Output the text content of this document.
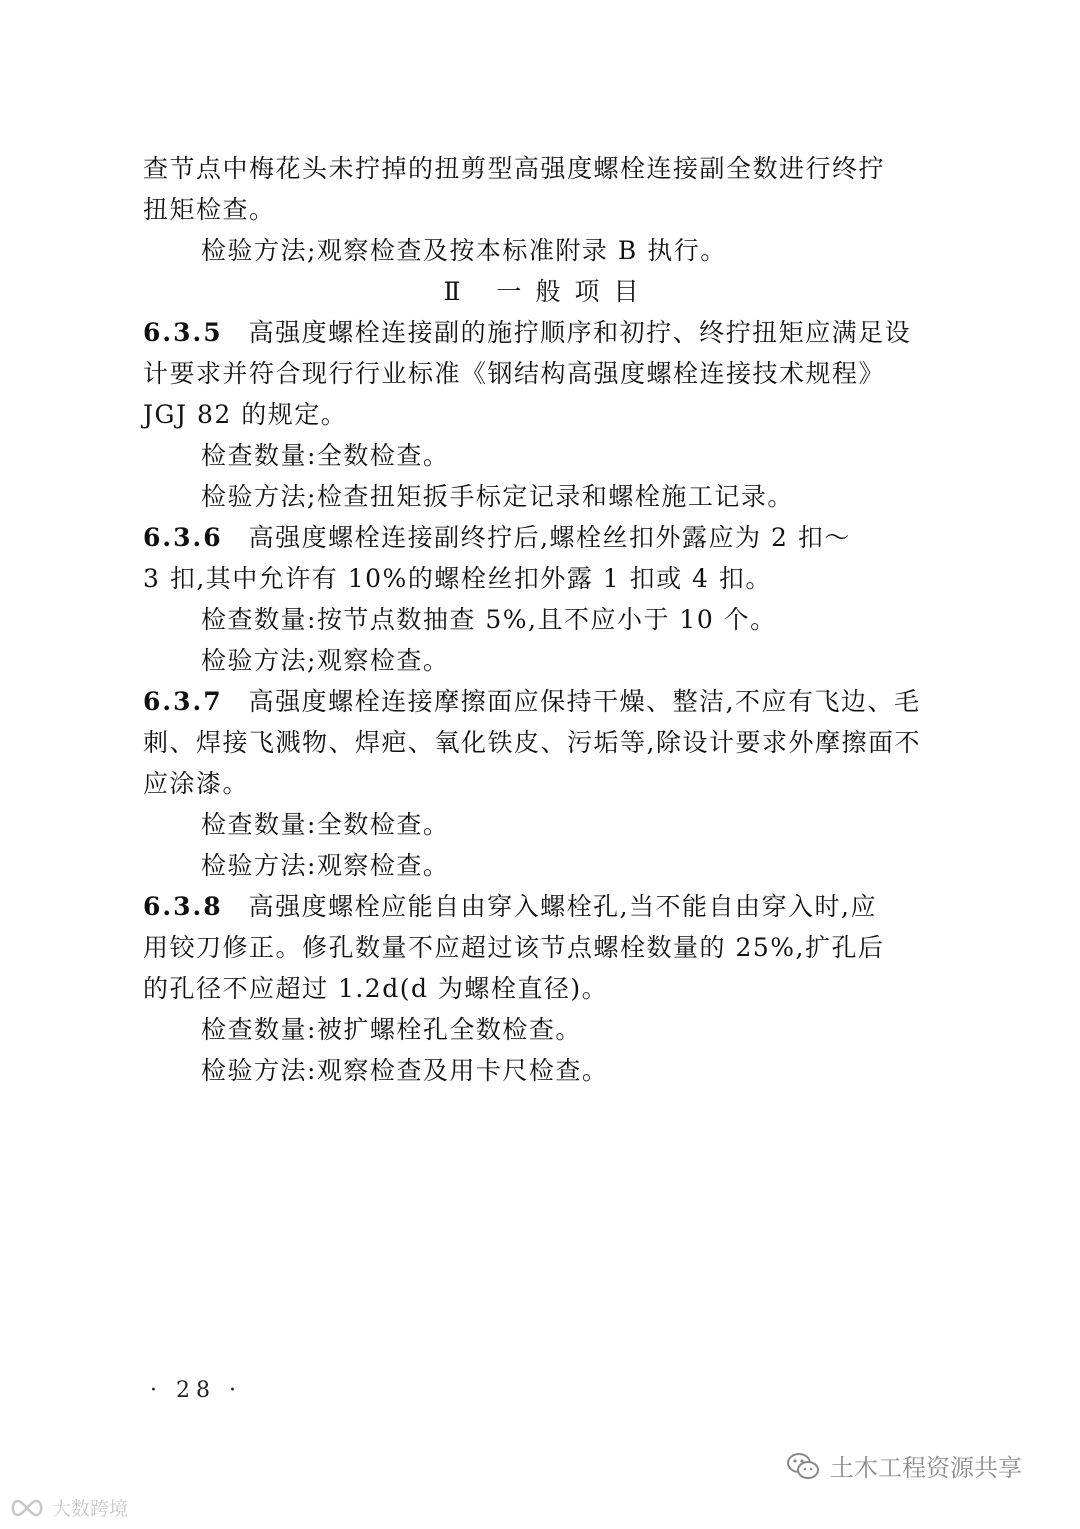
查节点中梅花头未拧掉的扭剪型高强度螺栓连接副全数进行终拧
扭矩检查。
检验方法;观察检查及按本标准附录 B 执行。
Ⅱ 一般项目
6.3.5 高强度螺栓连接副的施拧顺序和初拧、终拧扭矩应满足设
计要求并符合现行行业标准《钢结构高强度螺栓连接技术规程》
JGJ 82 的规定。
检查数量:全数检查。
检验方法;检查扭矩扳手标定记录和螺栓施工记录。
6.3.6 高强度螺栓连接副终拧后,螺栓丝扣外露应为 2 扣～
3 扣,其中允许有 10%的螺栓丝扣外露 1 扣或 4 扣。
检查数量:按节点数抽查 5%,且不应小于 10 个。
检验方法;观察检查。
6.3.7 高强度螺栓连接摩擦面应保持干燥、整洁,不应有飞边、毛
刺、焊接飞溅物、焊疤、氧化铁皮、污垢等,除设计要求外摩擦面不
应涂漆。
检查数量:全数检查。
检验方法:观察检查。
6.3.8 高强度螺栓应能自由穿入螺栓孔,当不能自由穿入时,应
用铰刀修正。修孔数量不应超过该节点螺栓数量的 25%,扩孔后
的孔径不应超过 1.2d(d 为螺栓直径)。
检查数量:被扩螺栓孔全数检查。
检验方法:观察检查及用卡尺检查。
· 28 ·
大数跨境
土木工程资源共享
